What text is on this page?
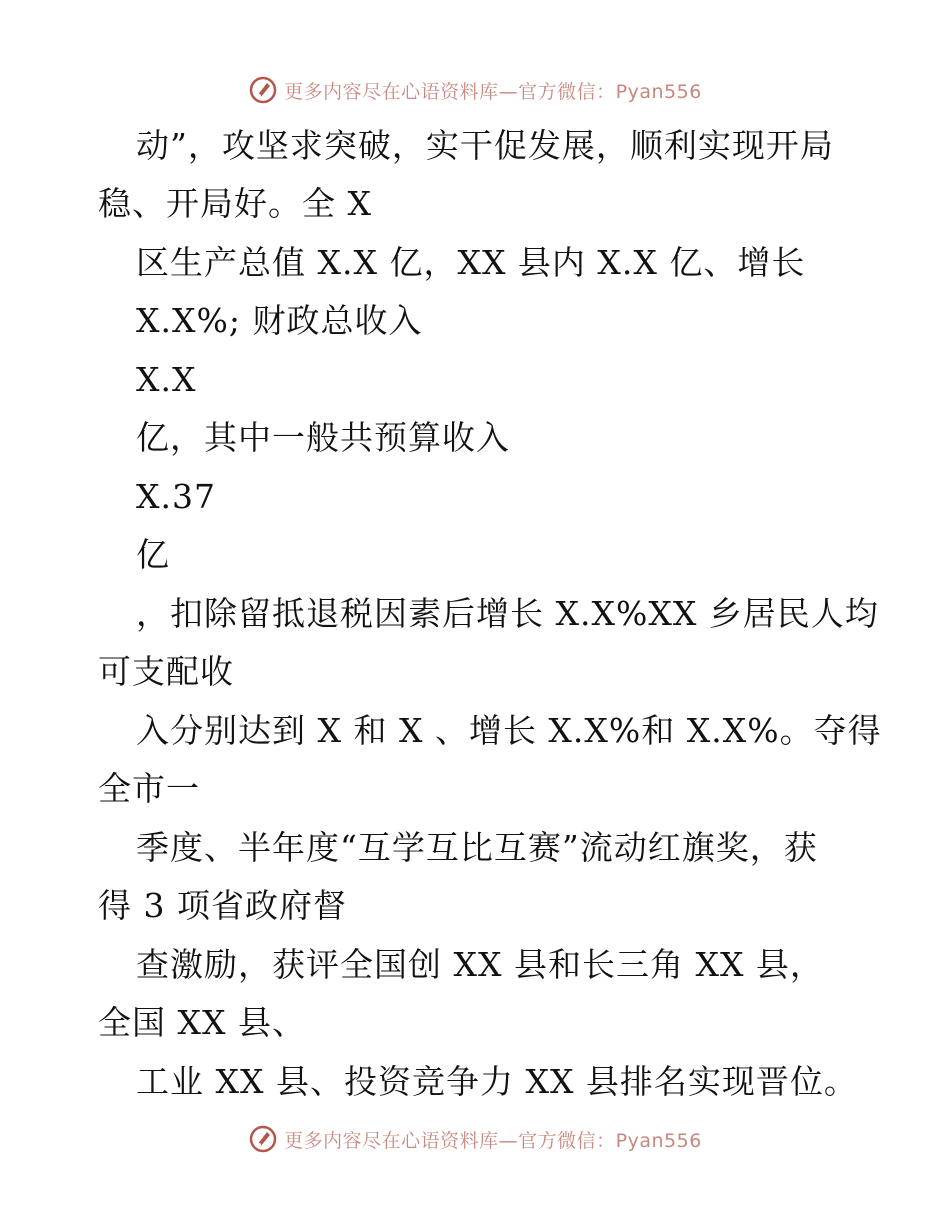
更多内容尽在心语资料库—官方微信：Pyan556
动”，攻坚求突破，实干促发展，顺利实现开局
稳、开局好。全 X
区生产总值 X.X 亿，XX 县内 X.X 亿、增长
X.X%; 财政总收入
X.X
亿，其中一般共预算收入
X.37
亿
，扣除留抵退税因素后增长 X.X%XX 乡居民人均
可支配收
入分别达到 X 和 X 、增长 X.X%和 X.X%。夺得
全市一
季度、半年度“互学互比互赛”流动红旗奖，获
得 3 项省政府督
查激励，获评全国创 XX 县和长三角 XX 县，
全国 XX 县、
工业 XX 县、投资竞争力 XX 县排名实现晋位。
更多内容尽在心语资料库—官方微信：Pyan556
